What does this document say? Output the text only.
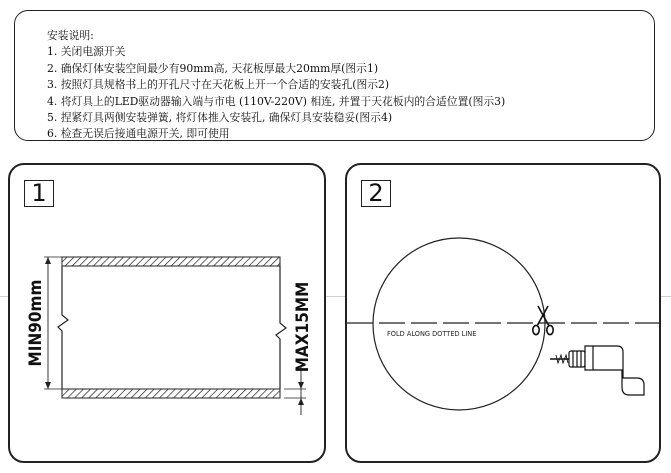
安装说明:
1. 关闭电源开关
2. 确保灯体安装空间最少有90mm高, 天花板厚最大20mm厚(图示1)
3. 按照灯具规格书上的开孔尺寸在天花板上开一个合适的安装孔(图示2)
4. 将灯具上的LED驱动器输入端与市电 (110V-220V) 相连, 并置于天花板内的合适位置(图示3)
5. 捏紧灯具两侧安装弹簧, 将灯体推入安装孔, 确保灯具安装稳妥(图示4)
6. 检查无误后接通电源开关, 即可使用
1
MIN90mm	MAX15MM
2
FOLD ALONG DOTTED LINE
